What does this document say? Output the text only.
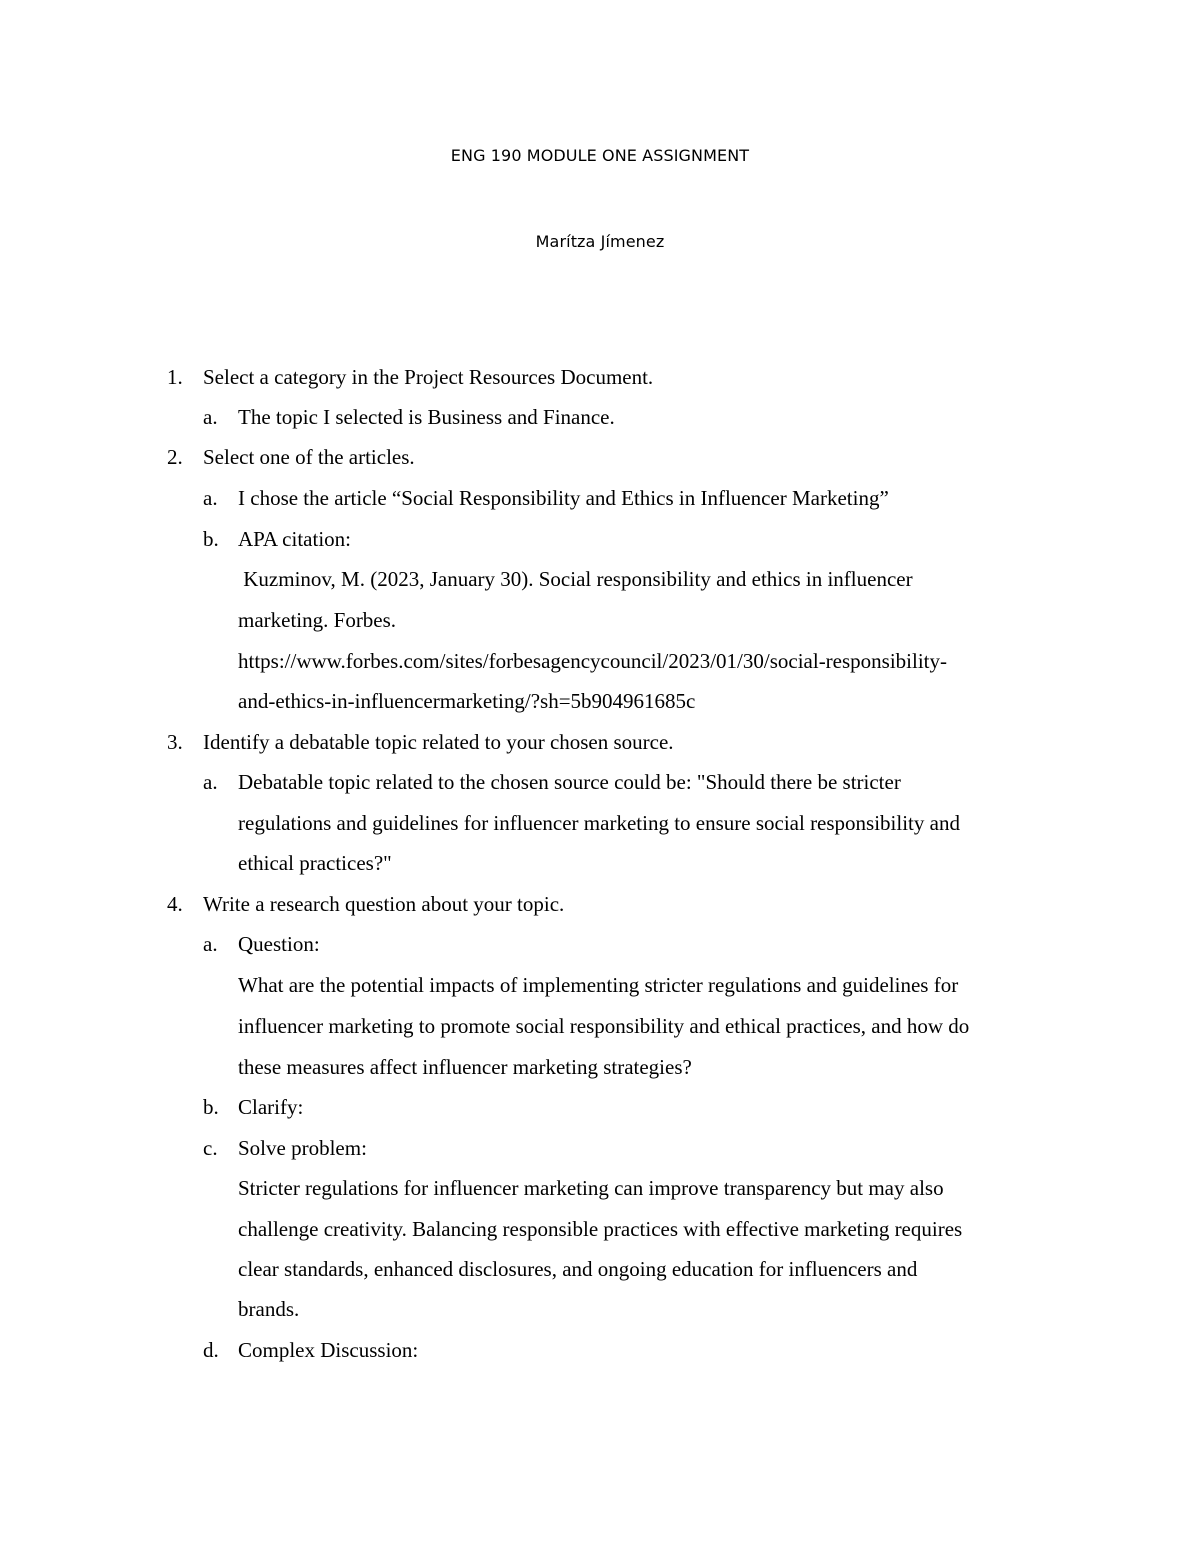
ENG 190 MODULE ONE ASSIGNMENT
Marítza Jímenez
1. Select a category in the Project Resources Document.
a. The topic I selected is Business and Finance.
2. Select one of the articles.
a. I chose the article “Social Responsibility and Ethics in Influencer Marketing”
b. APA citation:
Kuzminov, M. (2023, January 30). Social responsibility and ethics in influencer
marketing. Forbes.
https://www.forbes.com/sites/forbesagencycouncil/2023/01/30/social-responsibility-
and-ethics-in-influencermarketing/?sh=5b904961685c
3. Identify a debatable topic related to your chosen source.
a. Debatable topic related to the chosen source could be: "Should there be stricter
regulations and guidelines for influencer marketing to ensure social responsibility and
ethical practices?"
4. Write a research question about your topic.
a. Question:
What are the potential impacts of implementing stricter regulations and guidelines for
influencer marketing to promote social responsibility and ethical practices, and how do
these measures affect influencer marketing strategies?
b. Clarify:
c. Solve problem:
Stricter regulations for influencer marketing can improve transparency but may also
challenge creativity. Balancing responsible practices with effective marketing requires
clear standards, enhanced disclosures, and ongoing education for influencers and
brands.
d. Complex Discussion:
